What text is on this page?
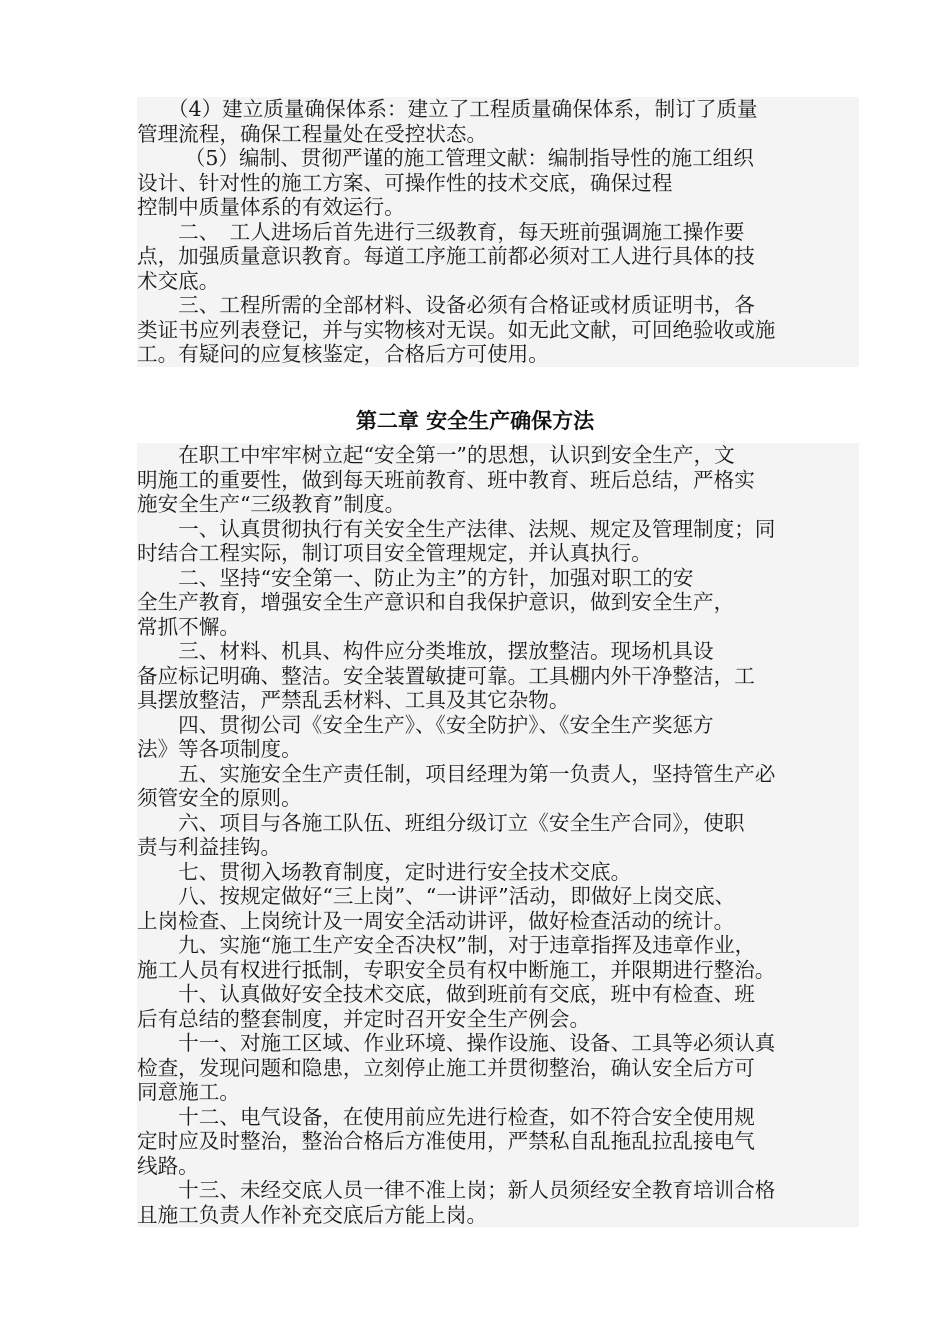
　　（4）建立质量确保体系：建立了工程质量确保体系，制订了质量
管理流程，确保工程量处在受控状态。
　　 （5）编制、贯彻严谨的施工管理文献：编制指导性的施工组织
设计、针对性的施工方案、可操作性的技术交底，确保过程
控制中质量体系的有效运行。
　　二、　工人进场后首先进行三级教育，每天班前强调施工操作要
点，加强质量意识教育。每道工序施工前都必须对工人进行具体的技
术交底。
　　三、工程所需的全部材料、设备必须有合格证或材质证明书，各
类证书应列表登记，并与实物核对无误。如无此文献，可回绝验收或施
工。有疑问的应复核鉴定，合格后方可使用。
第二章 安全生产确保方法
　　在职工中牢牢树立起“安全第一”的思想，认识到安全生产，文
明施工的重要性，做到每天班前教育、班中教育、班后总结，严格实
施安全生产“三级教育”制度。
　　一、认真贯彻执行有关安全生产法律、法规、规定及管理制度；同
时结合工程实际，制订项目安全管理规定，并认真执行。
　　二、坚持“安全第一、防止为主”的方针，加强对职工的安
全生产教育，增强安全生产意识和自我保护意识，做到安全生产，
常抓不懈。
　　三、材料、机具、构件应分类堆放，摆放整洁。现场机具设
备应标记明确、整洁。安全装置敏捷可靠。工具棚内外干净整洁，工
具摆放整洁，严禁乱丢材料、工具及其它杂物。
　　四、贯彻公司《安全生产》、《安全防护》、《安全生产奖惩方
法》等各项制度。
　　五、实施安全生产责任制，项目经理为第一负责人，坚持管生产必
须管安全的原则。
　　六、项目与各施工队伍、班组分级订立《安全生产合同》，使职
责与利益挂钩。
　　七、贯彻入场教育制度，定时进行安全技术交底。
　　八、按规定做好“三上岗”、“一讲评”活动，即做好上岗交底、
上岗检查、上岗统计及一周安全活动讲评，做好检查活动的统计。
　　九、实施“施工生产安全否决权”制，对于违章指挥及违章作业，
施工人员有权进行抵制，专职安全员有权中断施工，并限期进行整治。
　　十、认真做好安全技术交底，做到班前有交底，班中有检查、班
后有总结的整套制度，并定时召开安全生产例会。
　　十一、对施工区域、作业环境、操作设施、设备、工具等必须认真
检查，发现问题和隐患，立刻停止施工并贯彻整治，确认安全后方可
同意施工。
　　十二、电气设备，在使用前应先进行检查，如不符合安全使用规
定时应及时整治，整治合格后方准使用，严禁私自乱拖乱拉乱接电气
线路。
　　十三、未经交底人员一律不准上岗；新人员须经安全教育培训合格
且施工负责人作补充交底后方能上岗。
